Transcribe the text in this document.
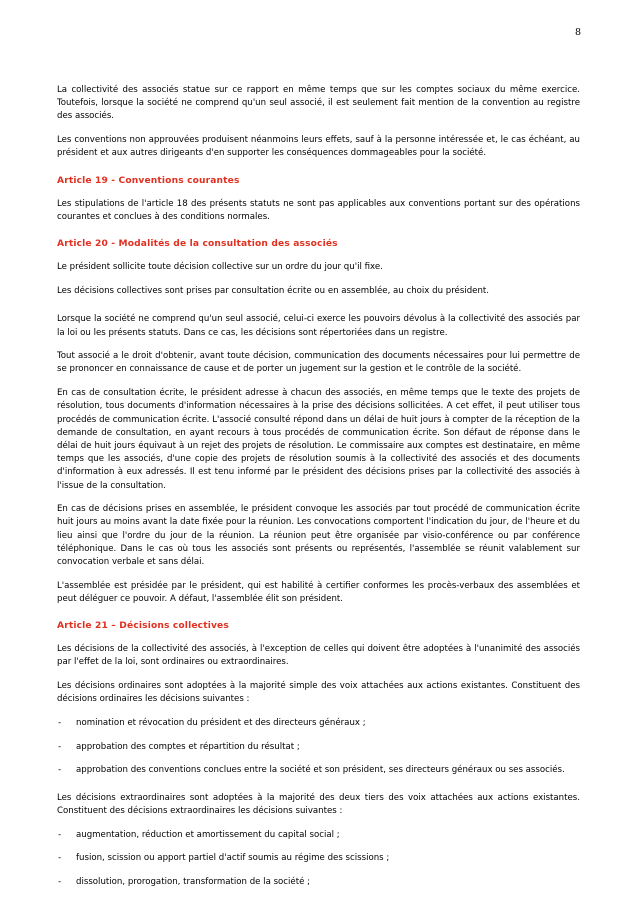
8

La collectivité des associés statue sur ce rapport en même temps que sur les comptes sociaux du même exercice. Toutefois, lorsque la société ne comprend qu'un seul associé, il est seulement fait mention de la convention au registre des associés.

Les conventions non approuvées produisent néanmoins leurs effets, sauf à la personne intéressée et, le cas échéant, au président et aux autres dirigeants d'en supporter les conséquences dommageables pour la société.

Article 19 - Conventions courantes

Les stipulations de l'article 18 des présents statuts ne sont pas applicables aux conventions portant sur des opérations courantes et conclues à des conditions normales.

Article 20 - Modalités de la consultation des associés

Le président sollicite toute décision collective sur un ordre du jour qu'il fixe.

Les décisions collectives sont prises par consultation écrite ou en assemblée, au choix du président.

Lorsque la société ne comprend qu'un seul associé, celui-ci exerce les pouvoirs dévolus à la collectivité des associés par la loi ou les présents statuts. Dans ce cas, les décisions sont répertoriées dans un registre.

Tout associé a le droit d'obtenir, avant toute décision, communication des documents nécessaires pour lui permettre de se prononcer en connaissance de cause et de porter un jugement sur la gestion et le contrôle de la société.

En cas de consultation écrite, le président adresse à chacun des associés, en même temps que le texte des projets de résolution, tous documents d'information nécessaires à la prise des décisions sollicitées. A cet effet, il peut utiliser tous procédés de communication écrite. L'associé consulté répond dans un délai de huit jours à compter de la réception de la demande de consultation, en ayant recours à tous procédés de communication écrite. Son défaut de réponse dans le délai de huit jours équivaut à un rejet des projets de résolution. Le commissaire aux comptes est destinataire, en même temps que les associés, d'une copie des projets de résolution soumis à la collectivité des associés et des documents d'information à eux adressés. Il est tenu informé par le président des décisions prises par la collectivité des associés à l'issue de la consultation.

En cas de décisions prises en assemblée, le président convoque les associés par tout procédé de communication écrite huit jours au moins avant la date fixée pour la réunion. Les convocations comportent l'indication du jour, de l'heure et du lieu ainsi que l'ordre du jour de la réunion. La réunion peut être organisée par visio-conférence ou par conférence téléphonique. Dans le cas où tous les associés sont présents ou représentés, l'assemblée se réunit valablement sur convocation verbale et sans délai.

L'assemblée est présidée par le président, qui est habilité à certifier conformes les procès-verbaux des assemblées et peut déléguer ce pouvoir. A défaut, l'assemblée élit son président.

Article 21 – Décisions collectives

Les décisions de la collectivité des associés, à l'exception de celles qui doivent être adoptées à l'unanimité des associés par l'effet de la loi, sont ordinaires ou extraordinaires.

Les décisions ordinaires sont adoptées à la majorité simple des voix attachées aux actions existantes. Constituent des décisions ordinaires les décisions suivantes :

- nomination et révocation du président et des directeurs généraux ;
- approbation des comptes et répartition du résultat ;
- approbation des conventions conclues entre la société et son président, ses directeurs généraux ou ses associés.

Les décisions extraordinaires sont adoptées à la majorité des deux tiers des voix attachées aux actions existantes. Constituent des décisions extraordinaires les décisions suivantes :

- augmentation, réduction et amortissement du capital social ;
- fusion, scission ou apport partiel d'actif soumis au régime des scissions ;
- dissolution, prorogation, transformation de la société ;
